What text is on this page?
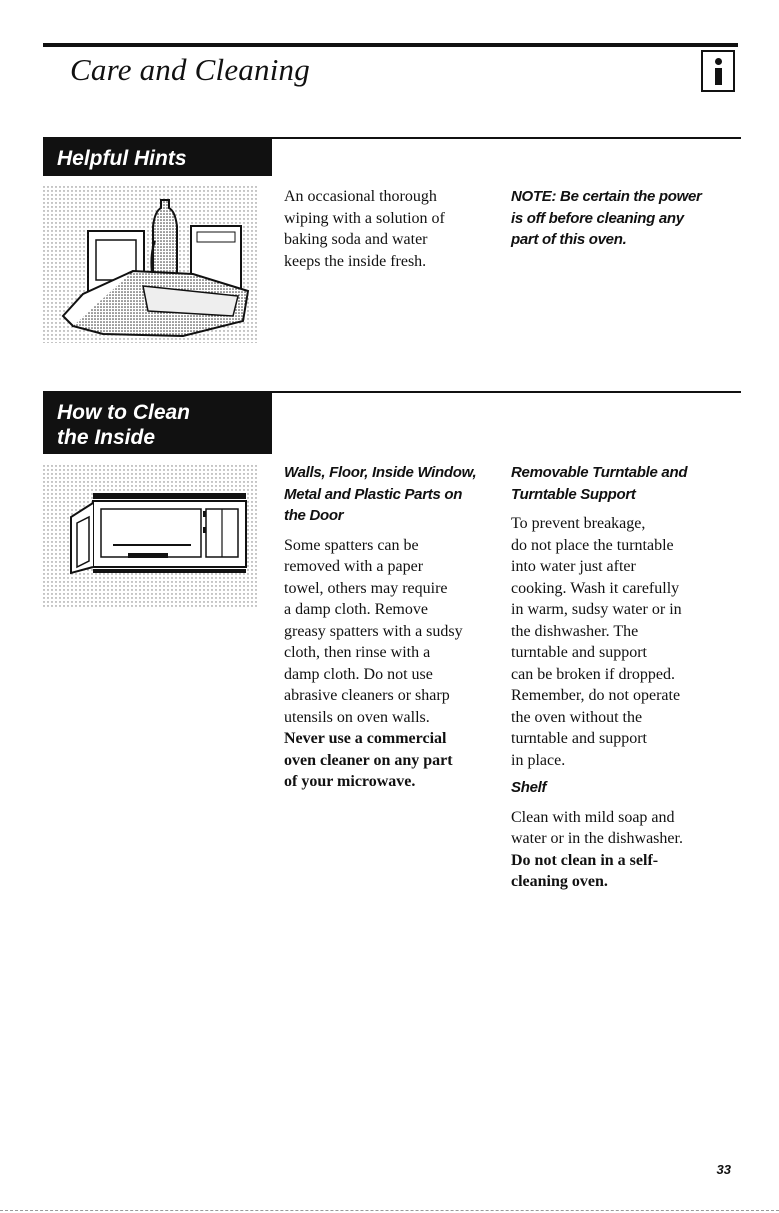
Care and Cleaning
Helpful Hints

An occasional thorough

wiping with a solution of

baking soda and water

keeps the inside fresh.

NOTE: Be certain the power
is off before cleaning any
part of this oven.
How to Clean
the Inside
Walls, Floor, Inside Window,
Metal and Plastic Parts on
the Door

Some spatters can be

removed with a paper

towel, others may require

a damp cloth. Remove

greasy spatters with a sudsy

cloth, then rinse with a

damp cloth. Do not use

abrasive cleaners or sharp

utensils on oven walls.

Never use a commercial

oven cleaner on any part

of your microwave.

Removable Turntable and
Turntable Support

To prevent breakage,

do not place the turntable

into water just after

cooking. Wash it carefully

in warm, sudsy water or in

the dishwasher. The

turntable and support

can be broken if dropped.

Remember, do not operate

the oven without the

turntable and support

in place.

Shelf

Clean with mild soap and

water or in the dishwasher.

Do not clean in a self-

cleaning oven.

33
